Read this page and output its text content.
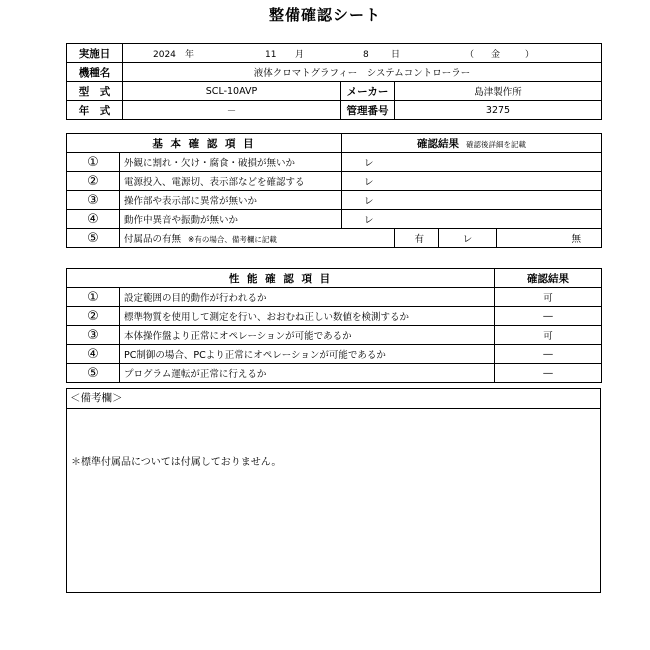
整備確認シート
実施日	2024 年 11 月 8 日 （ 金 ）		
機種名	液体クロマトグラフィー　システムコントローラー		
型　式	SCL-10AVP	メーカー	島津製作所
年　式	－	管理番号	3275
基 本 確 認 項 目		確認結果 確認後詳細を記載			
①	外観に割れ・欠け・腐食・破損が無いか	レ			
②	電源投入、電源切、表示部などを確認する	レ			
③	操作部や表示部に異常が無いか	レ			
④	動作中異音や振動が無いか	レ			
⑤	付属品の有無 ※有の場合、備考欄に記載		有	レ	無
性 能 確 認 項 目		確認結果
①	設定範囲の目的動作が行われるか	可
②	標準物質を使用して測定を行い、おおむね正しい数値を検測するか	―
③	本体操作盤より正常にオペレーションが可能であるか	可
④	PC制御の場合、PCより正常にオペレーションが可能であるか	―
⑤	プログラム運転が正常に行えるか	―
＜備考欄＞
＊標準付属品については付属しておりません。
